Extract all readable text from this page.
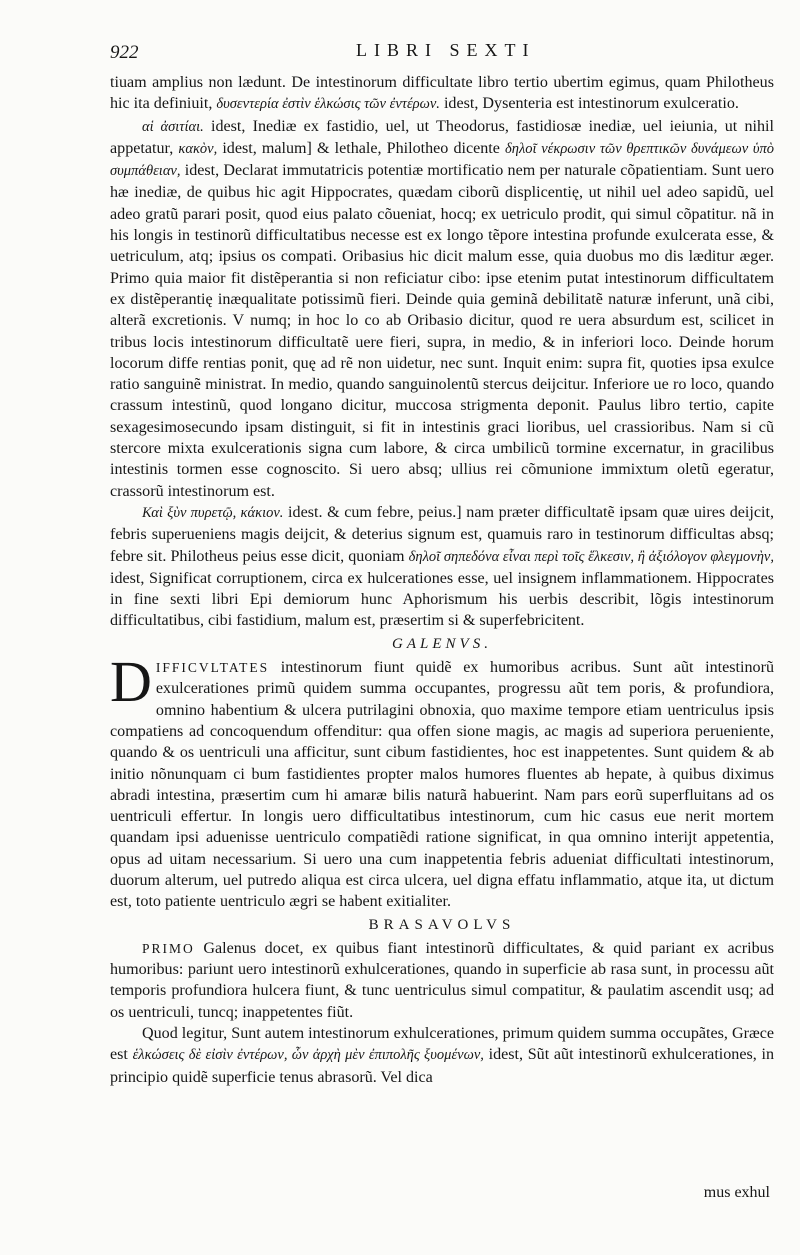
922	LIBRI SEXTI

tiuam amplius non lædunt. De intestinorum difficultate libro tertio ubertim egimus, quam Philotheus hic ita definiuit, δυσεντερία ἐστὶν ἑλκώσις τῶν ἐντέρων. idest, Dysenteria est intestinorum exulceratio.

αἱ ἀσιτίαι. idest, Inediæ ex fastidio, uel, ut Theodorus, fastidiosæ inediæ, uel ieiunia, ut nihil appetatur, κακὸν, idest, malum] & lethale, Philotheo dicente δηλοῖ νέκρωσιν τῶν θρεπτικῶν δυνάμεων ὑπὸ συμπάθειαν, idest, Declarat immutatricis potentiæ mortificatio nem per naturale cõpatientiam. Sunt uero hæ inediæ, de quibus hic agit Hippocrates, quædam ciborũ displicentię, ut nihil uel adeo sapidũ, uel adeo gratũ parari posit, quod eius palato cõueniat, hocq; ex uetriculo prodit, qui simul cõpatitur. nã in his longis in testinorũ difficultatibus necesse est ex longo tẽpore intestina profunde exulcerata esse, & uetriculum, atq; ipsius os compati. Oribasius hic dicit malum esse, quia duobus mo dis læditur æger. Primo quia maior fit distẽperantia si non reficiatur cibo: ipse etenim putat intestinorum difficultatem ex distẽperantię inæqualitate potissimũ fieri. Deinde quia geminã debilitatẽ naturæ inferunt, unã cibi, alterã excretionis. V numq; in hoc lo co ab Oribasio dicitur, quod re uera absurdum est, scilicet in tribus locis intestinorum difficultatẽ uere fieri, supra, in medio, & in inferiori loco. Deinde horum locorum diffe rentias ponit, quę ad rẽ non uidetur, nec sunt. Inquit enim: supra fit, quoties ipsa exulce ratio sanguinẽ ministrat. In medio, quando sanguinolentũ stercus deijcitur. Inferiore ue ro loco, quando crassum intestinũ, quod longano dicitur, muccosa strigmenta deponit. Paulus libro tertio, capite sexagesimosecundo ipsam distinguit, si fit in intestinis graci lioribus, uel crassioribus. Nam si cũ stercore mixta exulcerationis signa cum labore, & circa umbilicũ tormine excernatur, in gracilibus intestinis tormen esse cognoscito. Si uero absq; ullius rei cõmunione immixtum oletũ egeratur, crassorũ intestinorum est.

Καὶ ξὺν πυρετῷ, κάκιον. idest. & cum febre, peius.] nam præter difficultatẽ ipsam quæ uires deijcit, febris superueniens magis deijcit, & deterius signum est, quamuis raro in testinorum difficultas absq; febre sit. Philotheus peius esse dicit, quoniam δηλοῖ σηπεδόνα εἶναι περὶ τοῖς ἕλκεσιν, ἢ ἀξιόλογον φλεγμονὴν, idest, Significat corruptionem, circa ex hulcerationes esse, uel insignem inflammationem. Hippocrates in fine sexti libri Epi demiorum hunc Aphorismum his uerbis describit, lõgis intestinorum difficultatibus, cibi fastidium, malum est, præsertim si & superfebricitent.

GALENVS.

D IFFICVLTATES intestinorum fiunt quidẽ ex humoribus acribus. Sunt aũt intestinorũ exulcerationes primũ quidem summa occupantes, progressu aũt tem poris, & profundiora, omnino habentium & ulcera putrilagini obnoxia, quo maxime tempore etiam uentriculus ipsis compatiens ad concoquendum offenditur: qua offen sione magis, ac magis ad superiora perueniente, quando & os uentriculi una afficitur, sunt cibum fastidientes, hoc est inappetentes. Sunt quidem & ab initio nõnunquam ci bum fastidientes propter malos humores fluentes ab hepate, à quibus diximus abradi intestina, præsertim cum hi amaræ bilis naturã habuerint. Nam pars eorũ superfluitans ad os uentriculi effertur. In longis uero difficultatibus intestinorum, cum hic casus eue nerit mortem quandam ipsi aduenisse uentriculo compatiẽdi ratione significat, in qua omnino interijt appetentia, opus ad uitam necessarium. Si uero una cum inappetentia febris adueniat difficultati intestinorum, duorum alterum, uel putredo aliqua est circa ulcera, uel digna effatu inflammatio, atque ita, ut dictum est, toto patiente uentriculo ægri se habent exitialiter.

BRASAVOLVS

PRIMO Galenus docet, ex quibus fiant intestinorũ difficultates, & quid pariant ex acribus humoribus: pariunt uero intestinorũ exhulcerationes, quando in superficie ab rasa sunt, in processu aũt temporis profundiora hulcera fiunt, & tunc uentriculus simul compatitur, & paulatim ascendit usq; ad os uentriculi, tuncq; inappetentes fiũt.

Quod legitur, Sunt autem intestinorum exhulcerationes, primum quidem summa occupãtes, Græce est ἑλκώσεις δὲ εἰσὶν ἐντέρων, ὧν ἀρχὴ μὲν ἐπιπολῆς ξυομένων, idest, Sũt aũt intestinorũ exhulcerationes, in principio quidẽ superficie tenus abrasorũ. Vel dica

mus exhul
